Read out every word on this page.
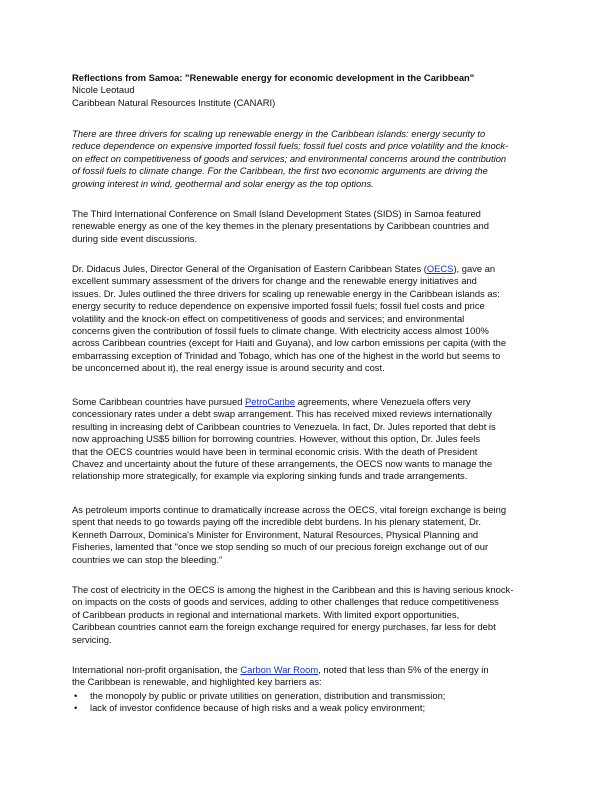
Reflections from Samoa: "Renewable energy for economic development in the Caribbean"
Nicole Leotaud
Caribbean Natural Resources Institute (CANARI)
There are three drivers for scaling up renewable energy in the Caribbean islands: energy security to
reduce dependence on expensive imported fossil fuels; fossil fuel costs and price volatility and the knock-
on effect on competitiveness of goods and services; and environmental concerns around the contribution
of fossil fuels to climate change. For the Caribbean, the first two economic arguments are driving the
growing interest in wind, geothermal and solar energy as the top options.
The Third International Conference on Small Island Development States (SIDS) in Samoa featured
renewable energy as one of the key themes in the plenary presentations by Caribbean countries and
during side event discussions.
Dr. Didacus Jules, Director General of the Organisation of Eastern Caribbean States (OECS), gave an
excellent summary assessment of the drivers for change and the renewable energy initiatives and
issues. Dr. Jules outlined the three drivers for scaling up renewable energy in the Caribbean islands as:
energy security to reduce dependence on expensive imported fossil fuels; fossil fuel costs and price
volatility and the knock-on effect on competitiveness of goods and services; and environmental
concerns given the contribution of fossil fuels to climate change. With electricity access almost 100%
across Caribbean countries (except for Haiti and Guyana), and low carbon emissions per capita (with the
embarrassing exception of Trinidad and Tobago, which has one of the highest in the world but seems to
be unconcerned about it), the real energy issue is around security and cost.
Some Caribbean countries have pursued PetroCaribe agreements, where Venezuela offers very
concessionary rates under a debt swap arrangement. This has received mixed reviews internationally
resulting in increasing debt of Caribbean countries to Venezuela. In fact, Dr. Jules reported that debt is
now approaching US$5 billion for borrowing countries. However, without this option, Dr. Jules feels
that the OECS countries would have been in terminal economic crisis. With the death of President
Chavez and uncertainty about the future of these arrangements, the OECS now wants to manage the
relationship more strategically, for example via exploring sinking funds and trade arrangements.
As petroleum imports continue to dramatically increase across the OECS, vital foreign exchange is being
spent that needs to go towards paying off the incredible debt burdens. In his plenary statement, Dr.
Kenneth Darroux, Dominica's Minister for Environment, Natural Resources, Physical Planning and
Fisheries, lamented that "once we stop sending so much of our precious foreign exchange out of our
countries we can stop the bleeding."
The cost of electricity in the OECS is among the highest in the Caribbean and this is having serious knock-
on impacts on the costs of goods and services, adding to other challenges that reduce competitiveness
of Caribbean products in regional and international markets. With limited export opportunities,
Caribbean countries cannot earn the foreign exchange required for energy purchases, far less for debt
servicing.
International non-profit organisation, the Carbon War Room, noted that less than 5% of the energy in
the Caribbean is renewable, and highlighted key barriers as:
• the monopoly by public or private utilities on generation, distribution and transmission;
• lack of investor confidence because of high risks and a weak policy environment;
